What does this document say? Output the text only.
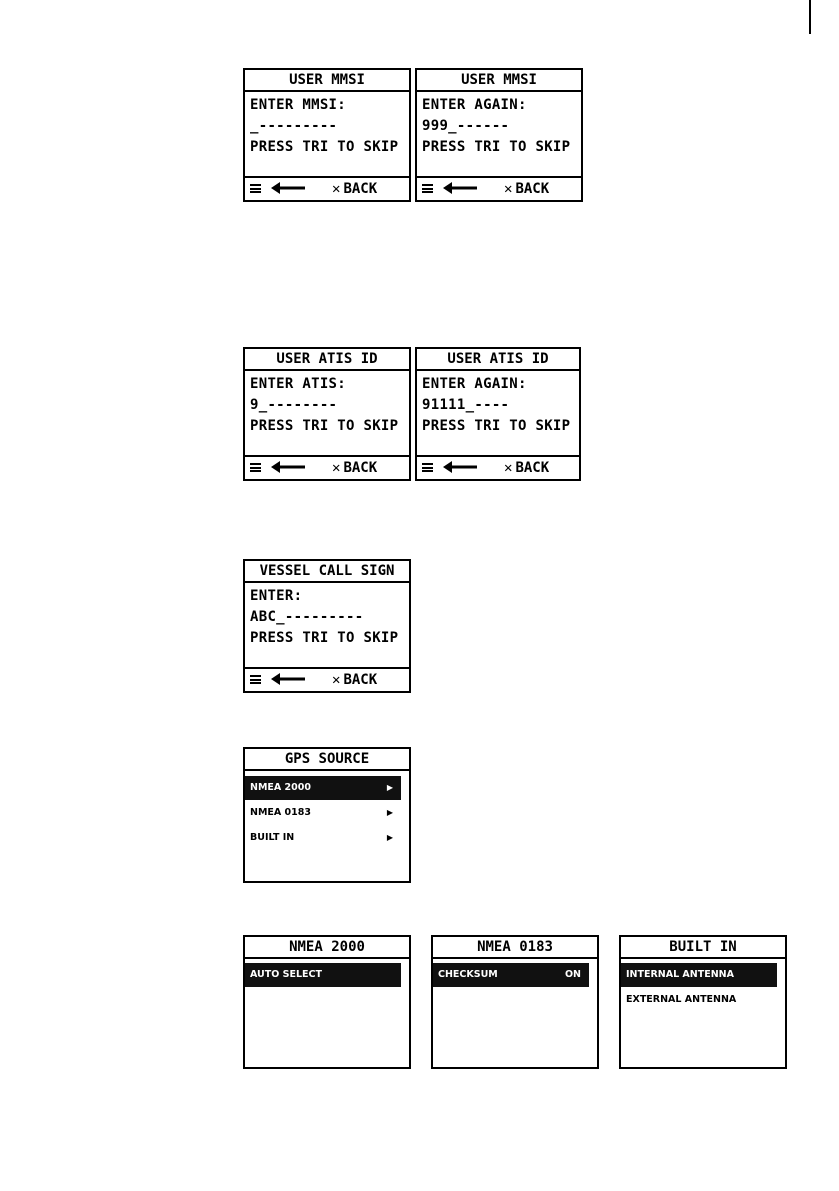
USER MMSI
ENTER MMSI:
_---------
PRESS TRI TO SKIP
✕ BACK
USER MMSI
ENTER AGAIN:
999_------
PRESS TRI TO SKIP
✕ BACK
USER ATIS ID
ENTER ATIS:
9_--------
PRESS TRI TO SKIP
✕ BACK
USER ATIS ID
ENTER AGAIN:
91111_----
PRESS TRI TO SKIP
✕ BACK
VESSEL CALL SIGN
ENTER:
ABC_---------
PRESS TRI TO SKIP
✕ BACK
GPS SOURCE
NMEA 2000	▶
NMEA 0183	▶
BUILT IN	▶
NMEA 2000
AUTO SELECT
NMEA 0183
CHECKSUM	ON
BUILT IN
INTERNAL ANTENNA
EXTERNAL ANTENNA
